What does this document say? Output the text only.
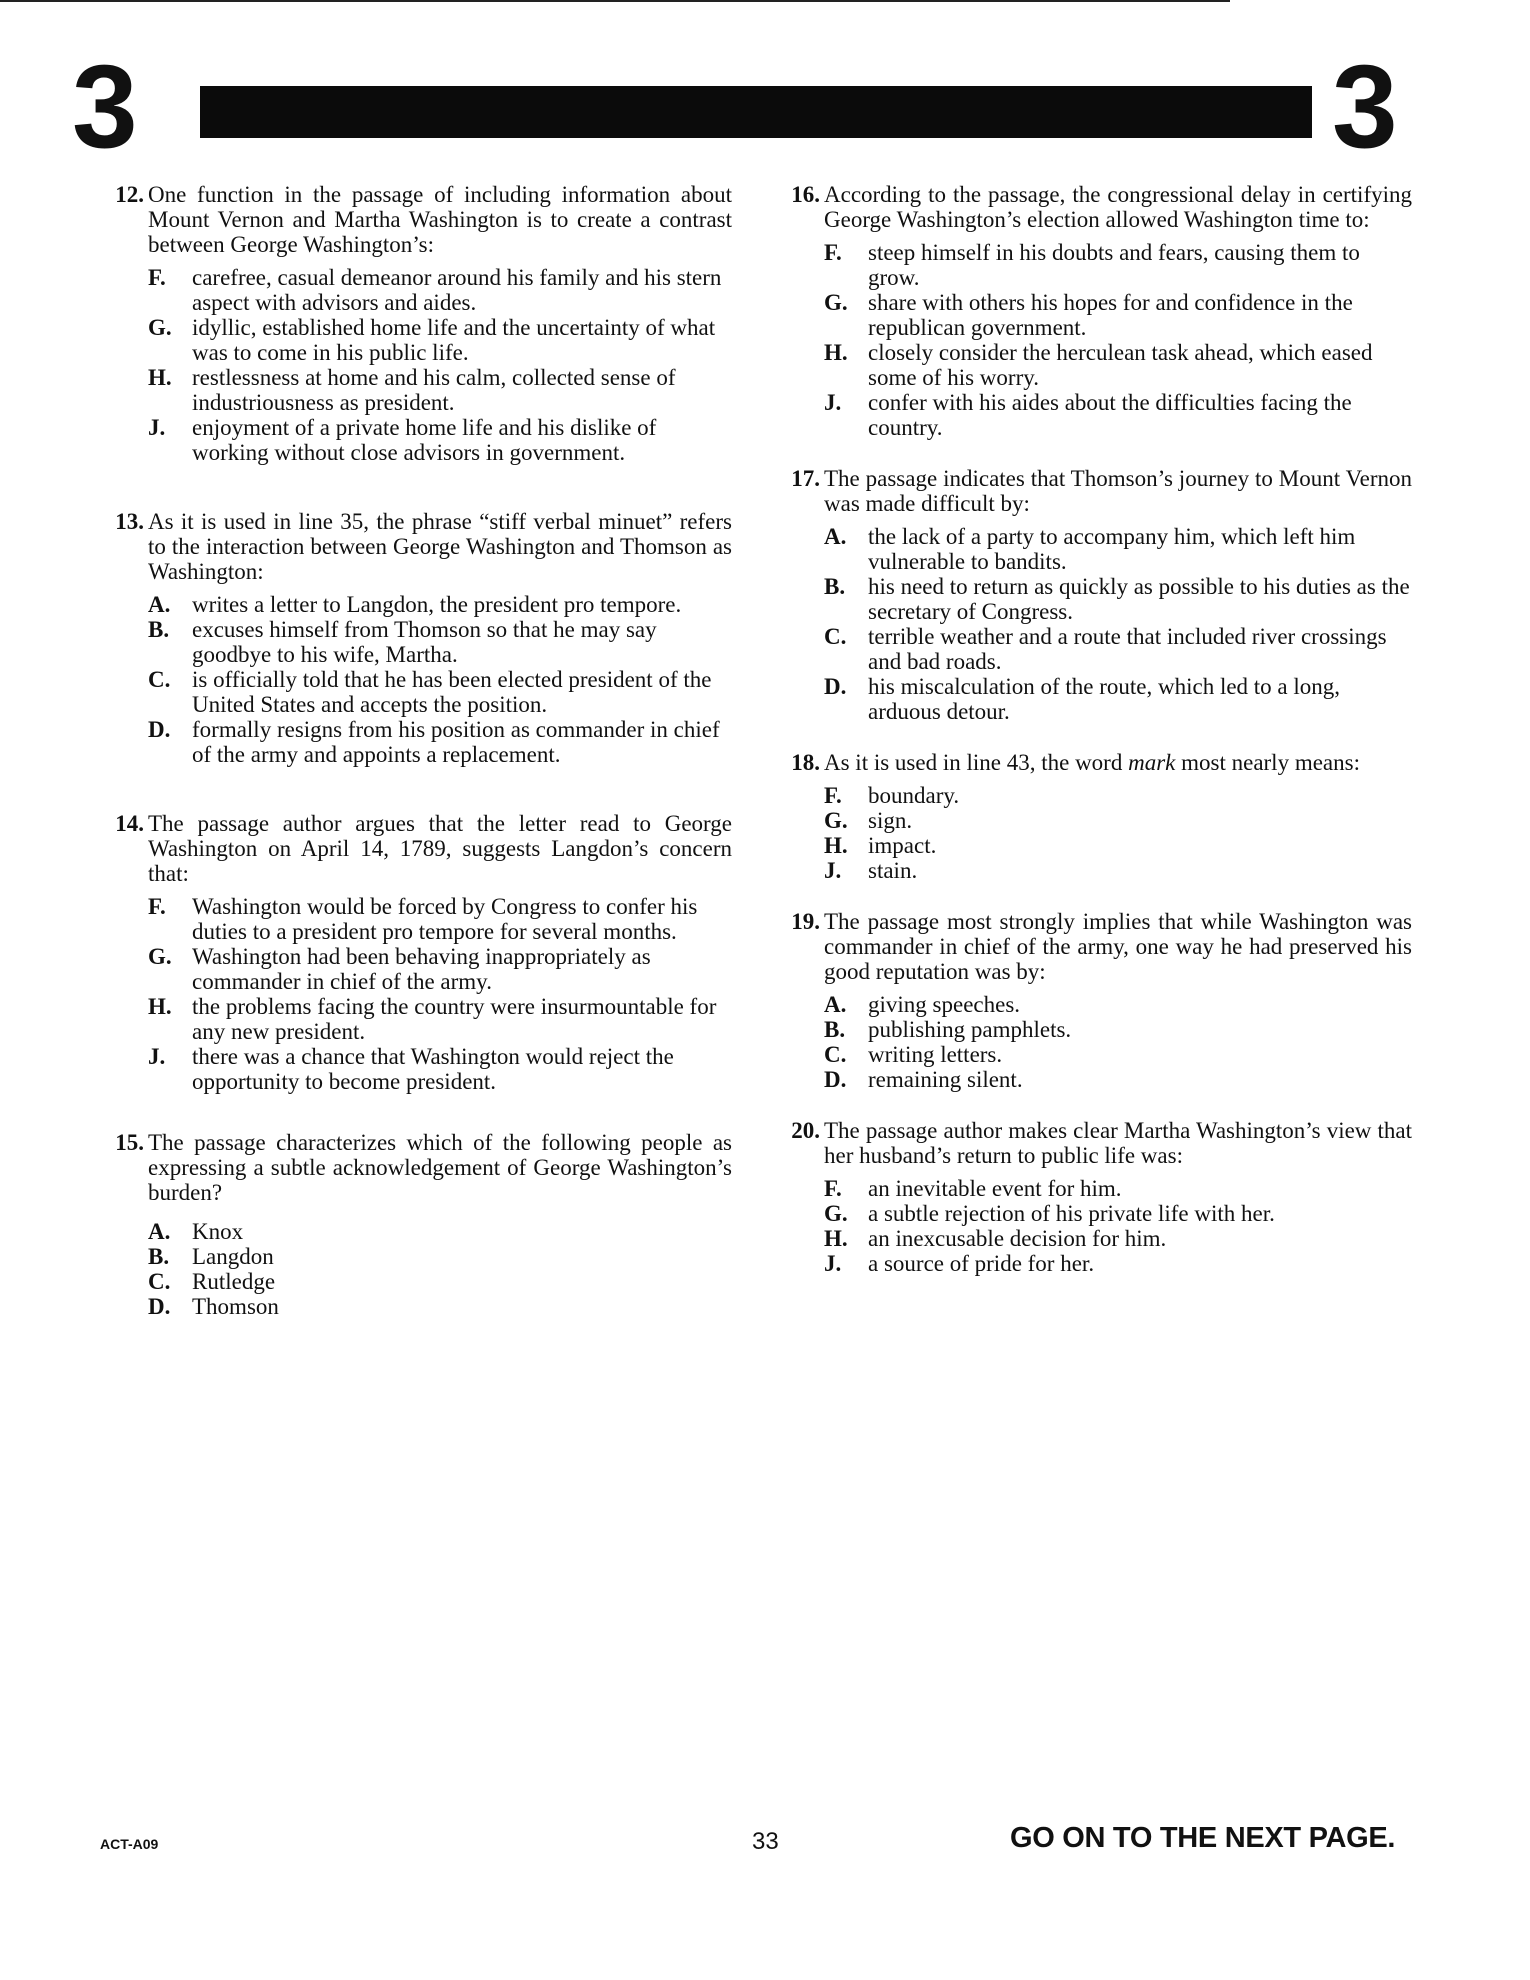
3	3
12. One function in the passage of including information about Mount Vernon and Martha Washington is to create a contrast between George Washington’s:
F. carefree, casual demeanor around his family and his stern aspect with advisors and aides.
G. idyllic, established home life and the uncertainty of what was to come in his public life.
H. restlessness at home and his calm, collected sense of industriousness as president.
J. enjoyment of a private home life and his dislike of working without close advisors in government.
13. As it is used in line 35, the phrase “stiff verbal minuet” refers to the interaction between George Washington and Thomson as Washington:
A. writes a letter to Langdon, the president pro tempore.
B. excuses himself from Thomson so that he may say goodbye to his wife, Martha.
C. is officially told that he has been elected president of the United States and accepts the position.
D. formally resigns from his position as commander in chief of the army and appoints a replacement.
14. The passage author argues that the letter read to George Washington on April 14, 1789, suggests Langdon’s concern that:
F. Washington would be forced by Congress to confer his duties to a president pro tempore for several months.
G. Washington had been behaving inappropriately as commander in chief of the army.
H. the problems facing the country were insurmountable for any new president.
J. there was a chance that Washington would reject the opportunity to become president.
15. The passage characterizes which of the following people as expressing a subtle acknowledgement of George Washington’s burden?
A. Knox
B. Langdon
C. Rutledge
D. Thomson
16. According to the passage, the congressional delay in certifying George Washington’s election allowed Washington time to:
F. steep himself in his doubts and fears, causing them to grow.
G. share with others his hopes for and confidence in the republican government.
H. closely consider the herculean task ahead, which eased some of his worry.
J. confer with his aides about the difficulties facing the country.
17. The passage indicates that Thomson’s journey to Mount Vernon was made difficult by:
A. the lack of a party to accompany him, which left him vulnerable to bandits.
B. his need to return as quickly as possible to his duties as the secretary of Congress.
C. terrible weather and a route that included river crossings and bad roads.
D. his miscalculation of the route, which led to a long, arduous detour.
18. As it is used in line 43, the word mark most nearly means:
F. boundary.
G. sign.
H. impact.
J. stain.
19. The passage most strongly implies that while Washington was commander in chief of the army, one way he had preserved his good reputation was by:
A. giving speeches.
B. publishing pamphlets.
C. writing letters.
D. remaining silent.
20. The passage author makes clear Martha Washington’s view that her husband’s return to public life was:
F. an inevitable event for him.
G. a subtle rejection of his private life with her.
H. an inexcusable decision for him.
J. a source of pride for her.
ACT-A09	33	GO ON TO THE NEXT PAGE.
